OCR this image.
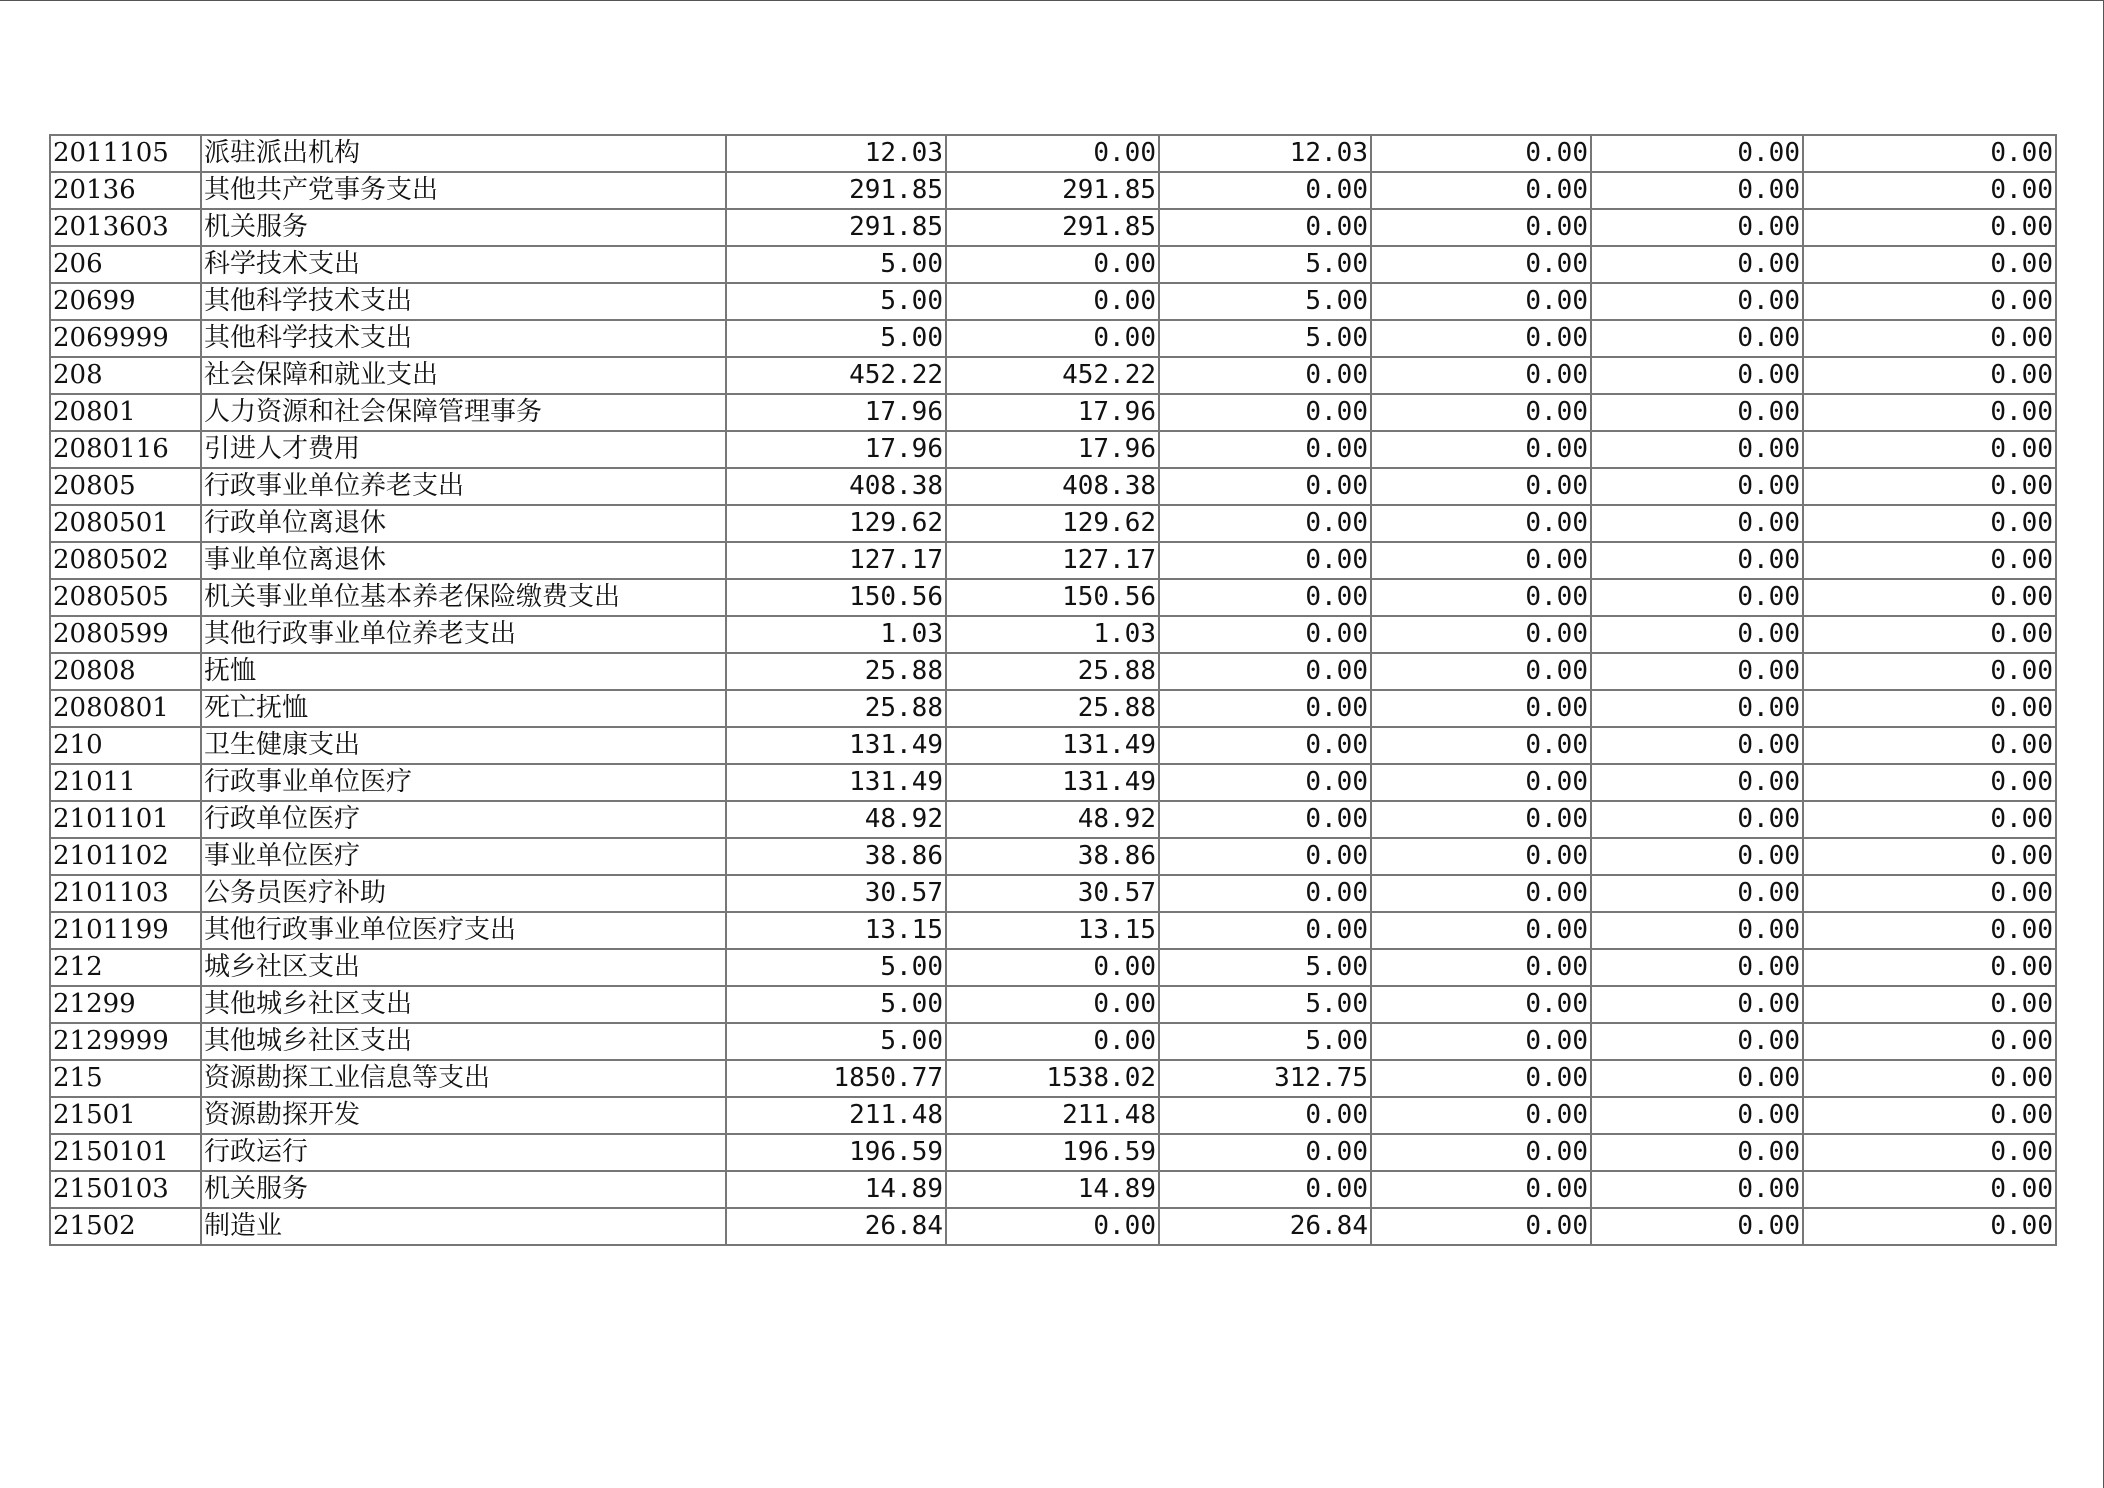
2011105	派驻派出机构	12.03	0.00	12.03	0.00	0.00	0.00
20136	其他共产党事务支出	291.85	291.85	0.00	0.00	0.00	0.00
2013603	机关服务	291.85	291.85	0.00	0.00	0.00	0.00
206	科学技术支出	5.00	0.00	5.00	0.00	0.00	0.00
20699	其他科学技术支出	5.00	0.00	5.00	0.00	0.00	0.00
2069999	其他科学技术支出	5.00	0.00	5.00	0.00	0.00	0.00
208	社会保障和就业支出	452.22	452.22	0.00	0.00	0.00	0.00
20801	人力资源和社会保障管理事务	17.96	17.96	0.00	0.00	0.00	0.00
2080116	引进人才费用	17.96	17.96	0.00	0.00	0.00	0.00
20805	行政事业单位养老支出	408.38	408.38	0.00	0.00	0.00	0.00
2080501	行政单位离退休	129.62	129.62	0.00	0.00	0.00	0.00
2080502	事业单位离退休	127.17	127.17	0.00	0.00	0.00	0.00
2080505	机关事业单位基本养老保险缴费支出	150.56	150.56	0.00	0.00	0.00	0.00
2080599	其他行政事业单位养老支出	1.03	1.03	0.00	0.00	0.00	0.00
20808	抚恤	25.88	25.88	0.00	0.00	0.00	0.00
2080801	死亡抚恤	25.88	25.88	0.00	0.00	0.00	0.00
210	卫生健康支出	131.49	131.49	0.00	0.00	0.00	0.00
21011	行政事业单位医疗	131.49	131.49	0.00	0.00	0.00	0.00
2101101	行政单位医疗	48.92	48.92	0.00	0.00	0.00	0.00
2101102	事业单位医疗	38.86	38.86	0.00	0.00	0.00	0.00
2101103	公务员医疗补助	30.57	30.57	0.00	0.00	0.00	0.00
2101199	其他行政事业单位医疗支出	13.15	13.15	0.00	0.00	0.00	0.00
212	城乡社区支出	5.00	0.00	5.00	0.00	0.00	0.00
21299	其他城乡社区支出	5.00	0.00	5.00	0.00	0.00	0.00
2129999	其他城乡社区支出	5.00	0.00	5.00	0.00	0.00	0.00
215	资源勘探工业信息等支出	1850.77	1538.02	312.75	0.00	0.00	0.00
21501	资源勘探开发	211.48	211.48	0.00	0.00	0.00	0.00
2150101	行政运行	196.59	196.59	0.00	0.00	0.00	0.00
2150103	机关服务	14.89	14.89	0.00	0.00	0.00	0.00
21502	制造业	26.84	0.00	26.84	0.00	0.00	0.00
